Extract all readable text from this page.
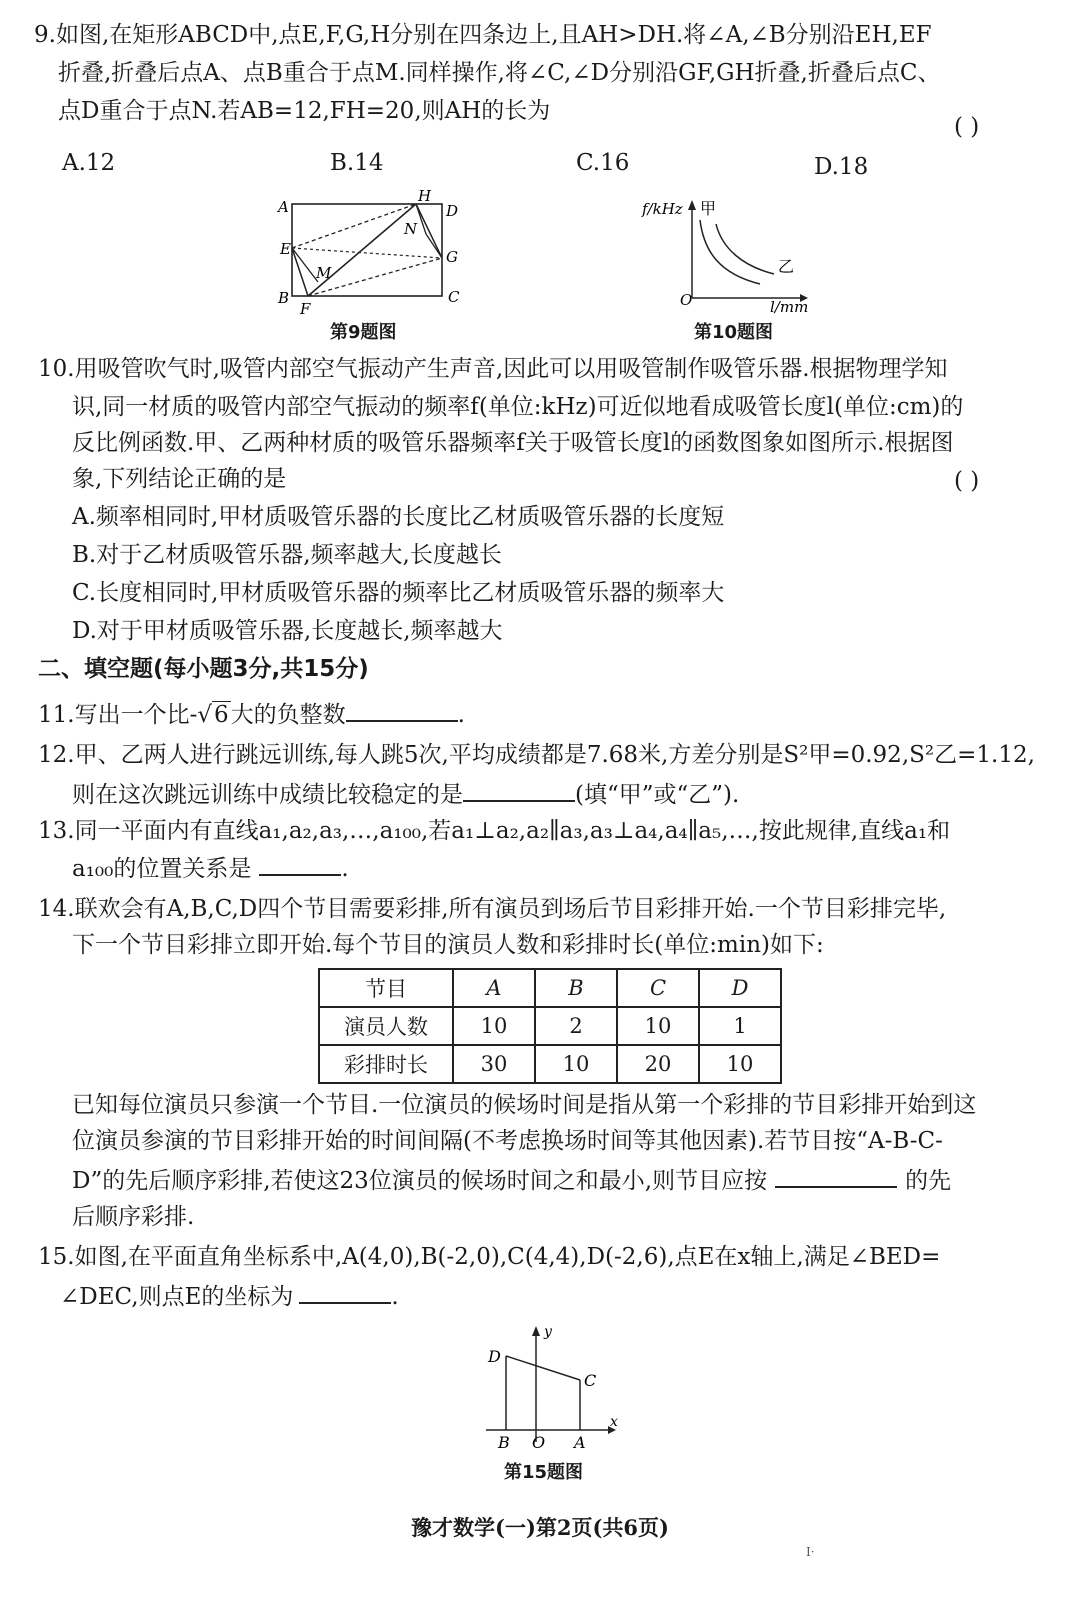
9.如图,在矩形ABCD中,点E,F,G,H分别在四条边上,且AH>DH.将∠A,∠B分别沿EH,EF
折叠,折叠后点A、点B重合于点M.同样操作,将∠C,∠D分别沿GF,GH折叠,折叠后点C、
点D重合于点N.若AB=12,FH=20,则AH的长为
( )
A.12	B.14	C.16	D.18
A
B	C
D
E
F
G
H
M
N
第9题图
f/kHz 甲
乙
O	l/mm
第10题图
10.用吸管吹气时,吸管内部空气振动产生声音,因此可以用吸管制作吸管乐器.根据物理学知
识,同一材质的吸管内部空气振动的频率f(单位:kHz)可近似地看成吸管长度l(单位:cm)的
反比例函数.甲、乙两种材质的吸管乐器频率f关于吸管长度l的函数图象如图所示.根据图
象,下列结论正确的是	( )
A.频率相同时,甲材质吸管乐器的长度比乙材质吸管乐器的长度短
B.对于乙材质吸管乐器,频率越大,长度越长
C.长度相同时,甲材质吸管乐器的频率比乙材质吸管乐器的频率大
D.对于甲材质吸管乐器,长度越长,频率越大
二、填空题(每小题3分,共15分)
11.写出一个比-√6大的负整数	.
12.甲、乙两人进行跳远训练,每人跳5次,平均成绩都是7.68米,方差分别是S²甲=0.92,S²乙=1.12,
则在这次跳远训练中成绩比较稳定的是	(填“甲”或“乙”).
13.同一平面内有直线a₁,a₂,a₃,…,a₁₀₀,若a₁⊥a₂,a₂∥a₃,a₃⊥a₄,a₄∥a₅,…,按此规律,直线a₁和
a₁₀₀的位置关系是	.
14.联欢会有A,B,C,D四个节目需要彩排,所有演员到场后节目彩排开始.一个节目彩排完毕,
下一个节目彩排立即开始.每个节目的演员人数和彩排时长(单位:min)如下:
节目	A	B	C	D
演员人数	10	2	10	1
彩排时长	30	10	20	10
已知每位演员只参演一个节目.一位演员的候场时间是指从第一个彩排的节目彩排开始到这
位演员参演的节目彩排开始的时间间隔(不考虑换场时间等其他因素).若节目按“A-B-C-
D”的先后顺序彩排,若使这23位演员的候场时间之和最小,则节目应按	的先
后顺序彩排.
15.如图,在平面直角坐标系中,A(4,0),B(-2,0),C(4,4),D(-2,6),点E在x轴上,满足∠BED=
∠DEC,则点E的坐标为	.
y
x
D
C
B O A
第15题图
豫才数学(一)第2页(共6页)
I·
